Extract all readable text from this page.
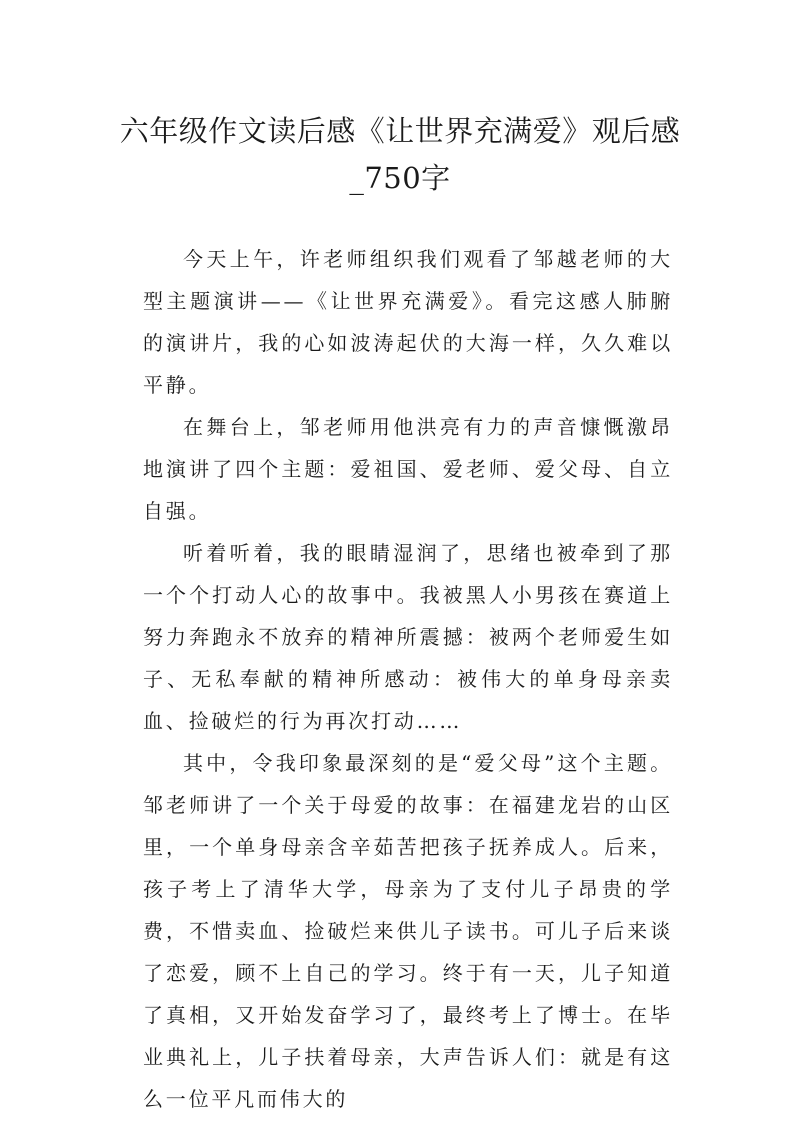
六年级作文读后感《让世界充满爱》观后感_750字

今天上午，许老师组织我们观看了邹越老师的大型主题演讲——《让世界充满爱》。看完这感人肺腑的演讲片，我的心如波涛起伏的大海一样，久久难以平静。

在舞台上，邹老师用他洪亮有力的声音慷慨激昂地演讲了四个主题：爱祖国、爱老师、爱父母、自立自强。

听着听着，我的眼睛湿润了，思绪也被牵到了那一个个打动人心的故事中。我被黑人小男孩在赛道上努力奔跑永不放弃的精神所震撼：被两个老师爱生如子、无私奉献的精神所感动：被伟大的单身母亲卖血、捡破烂的行为再次打动……

其中，令我印象最深刻的是“爱父母”这个主题。邹老师讲了一个关于母爱的故事：在福建龙岩的山区里，一个单身母亲含辛茹苦把孩子抚养成人。后来，孩子考上了清华大学，母亲为了支付儿子昂贵的学费，不惜卖血、捡破烂来供儿子读书。可儿子后来谈了恋爱，顾不上自己的学习。终于有一天，儿子知道了真相，又开始发奋学习了，最终考上了博士。在毕业典礼上，儿子扶着母亲，大声告诉人们：就是有这么一位平凡而伟大的
